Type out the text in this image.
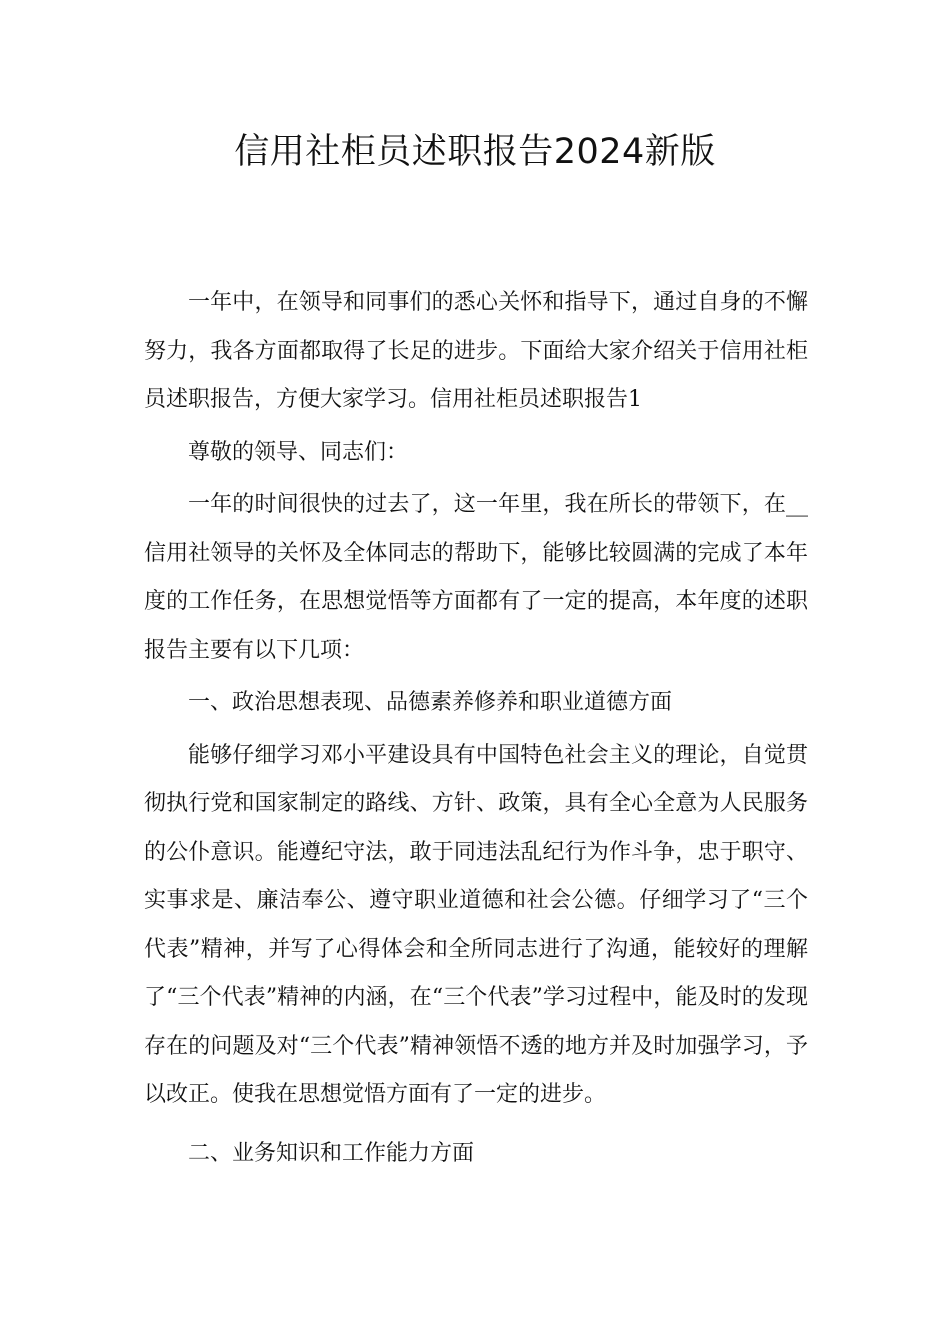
信用社柜员述职报告2024新版

一年中，在领导和同事们的悉心关怀和指导下，通过自身的不懈努力，我各方面都取得了长足的进步。下面给大家介绍关于信用社柜员述职报告，方便大家学习。信用社柜员述职报告1

尊敬的领导、同志们：

一年的时间很快的过去了，这一年里，我在所长的带领下，在__信用社领导的关怀及全体同志的帮助下，能够比较圆满的完成了本年度的工作任务，在思想觉悟等方面都有了一定的提高，本年度的述职报告主要有以下几项：

一、政治思想表现、品德素养修养和职业道德方面

能够仔细学习邓小平建设具有中国特色社会主义的理论，自觉贯彻执行党和国家制定的路线、方针、政策，具有全心全意为人民服务的公仆意识。能遵纪守法，敢于同违法乱纪行为作斗争，忠于职守、实事求是、廉洁奉公、遵守职业道德和社会公德。仔细学习了“三个代表”精神，并写了心得体会和全所同志进行了沟通，能较好的理解了“三个代表”精神的内涵，在“三个代表”学习过程中，能及时的发现存在的问题及对“三个代表”精神领悟不透的地方并及时加强学习，予以改正。使我在思想觉悟方面有了一定的进步。

二、业务知识和工作能力方面
